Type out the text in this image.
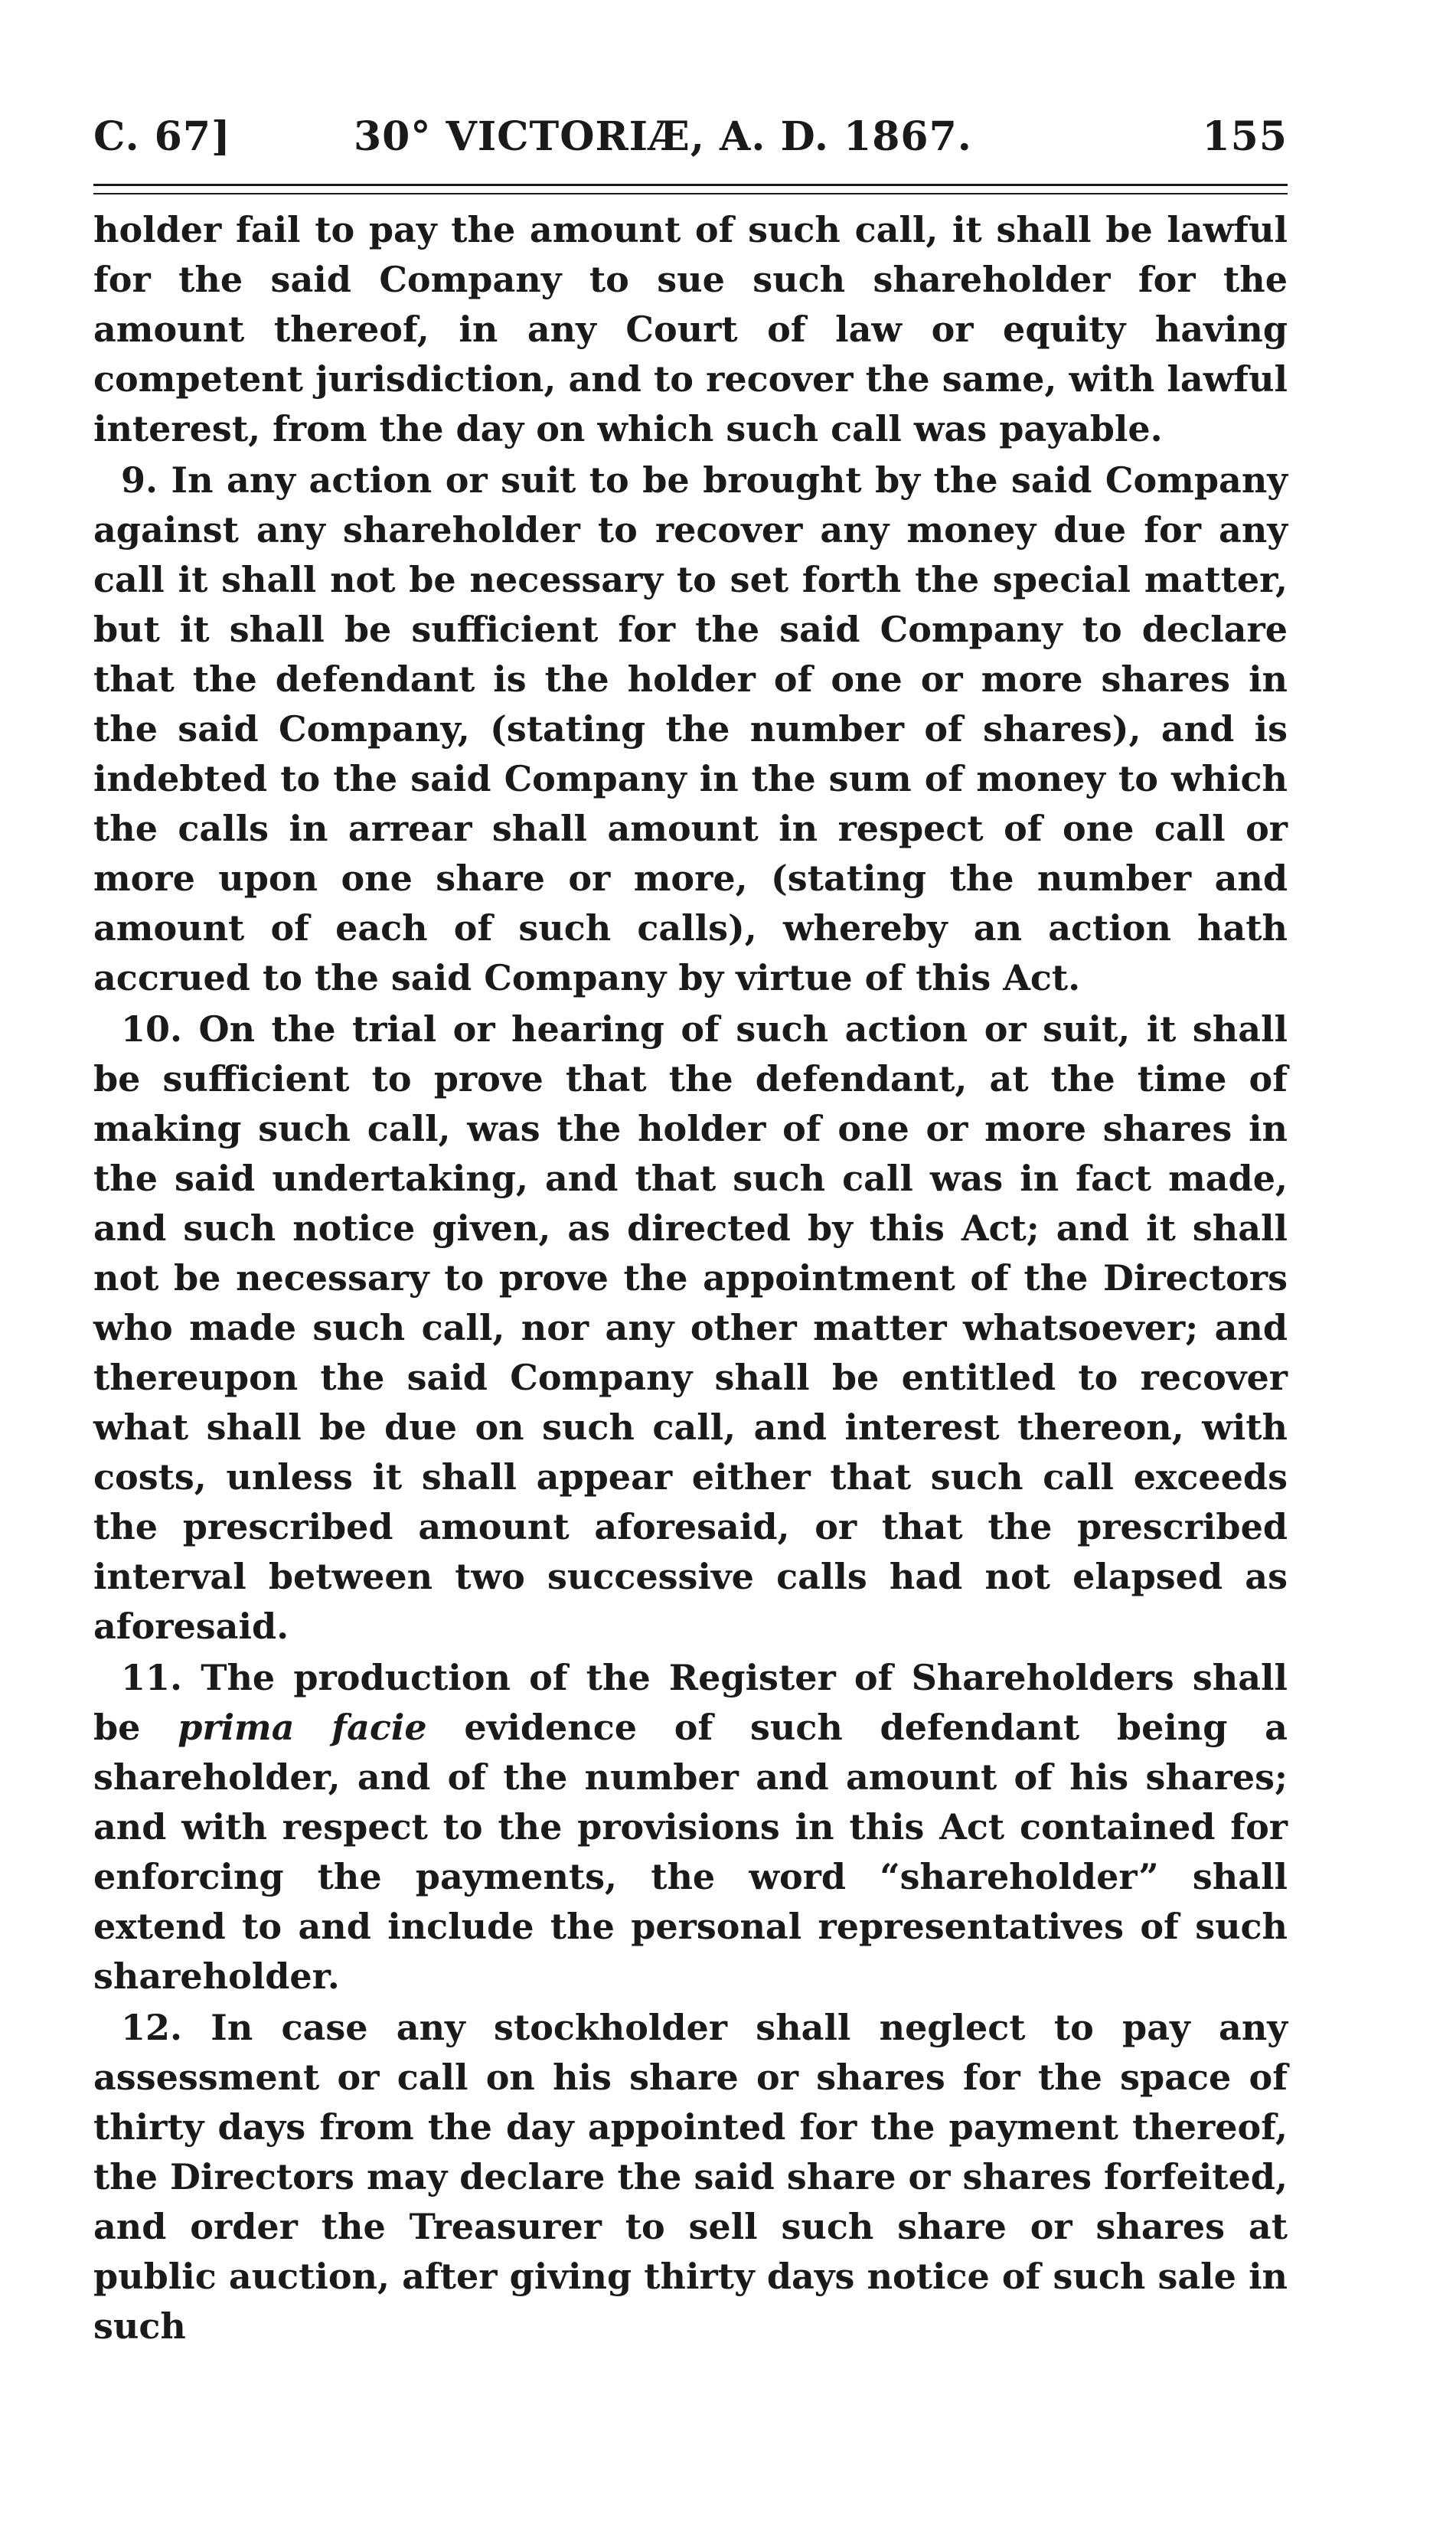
C. 67]	30° VICTORIÆ, A. D. 1867.	155

holder fail to pay the amount of such call, it shall be lawful for the said Company to sue such shareholder for the amount thereof, in any Court of law or equity having competent jurisdiction, and to recover the same, with lawful interest, from the day on which such call was payable.

9. In any action or suit to be brought by the said Company against any shareholder to recover any money due for any call it shall not be necessary to set forth the special matter, but it shall be sufficient for the said Company to declare that the defendant is the holder of one or more shares in the said Company, (stating the number of shares), and is indebted to the said Company in the sum of money to which the calls in arrear shall amount in respect of one call or more upon one share or more, (stating the number and amount of each of such calls), whereby an action hath accrued to the said Company by virtue of this Act.

10. On the trial or hearing of such action or suit, it shall be sufficient to prove that the defendant, at the time of making such call, was the holder of one or more shares in the said undertaking, and that such call was in fact made, and such notice given, as directed by this Act; and it shall not be necessary to prove the appointment of the Directors who made such call, nor any other matter whatsoever; and thereupon the said Company shall be entitled to recover what shall be due on such call, and interest thereon, with costs, unless it shall appear either that such call exceeds the prescribed amount aforesaid, or that the prescribed interval between two successive calls had not elapsed as aforesaid.

11. The production of the Register of Shareholders shall be prima facie evidence of such defendant being a shareholder, and of the number and amount of his shares; and with respect to the provisions in this Act contained for enforcing the payments, the word “shareholder” shall extend to and include the personal representatives of such shareholder.

12. In case any stockholder shall neglect to pay any assessment or call on his share or shares for the space of thirty days from the day appointed for the payment thereof, the Directors may declare the said share or shares forfeited, and order the Treasurer to sell such share or shares at public auction, after giving thirty days notice of such sale in such
